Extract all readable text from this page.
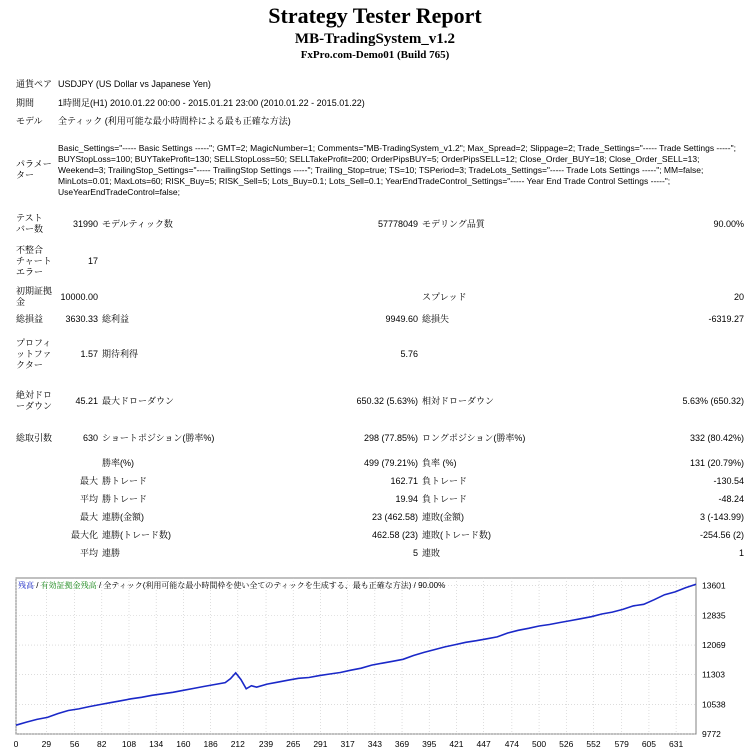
Strategy Tester Report
MB-TradingSystem_v1.2
FxPro.com-Demo01 (Build 765)
通貨ペア	USDJPY (US Dollar vs Japanese Yen)				
期間	1時間足(H1) 2010.01.22 00:00 - 2015.01.21 23:00 (2010.01.22 - 2015.01.22)				
モデル	全ティック (利用可能な最小時間枠による最も正確な方法)				
パラメーター	Basic_Settings="----- Basic Settings -----"; GMT=2; MagicNumber=1; Comments="MB-TradingSystem_v1.2"; Max_Spread=2; Slippage=2; Trade_Settings="----- Trade Settings -----"; BUYStopLoss=100; BUYTakeProfit=130; SELLStopLoss=50; SELLTakeProfit=200; OrderPipsBUY=5; OrderPipsSELL=12; Close_Order_BUY=18; Close_Order_SELL=13; Weekend=3; TrailingStop_Settings="----- TrailingStop Settings -----"; Trailing_Stop=true; TS=10; TSPeriod=3; TradeLots_Settings="----- Trade Lots Settings -----"; MM=false; MinLots=0.01; MaxLots=60; RISK_Buy=5; RISK_Sell=5; Lots_Buy=0.1; Lots_Sell=0.1; YearEndTradeControl_Settings="----- Year End Trade Control Settings -----"; UseYearEndTradeControl=false;				
テスト バー数	31990	モデルティック数	57778049	モデリング品質	90.00%
不整合 チャート エラー	17				
初期証拠金	10000.00			スプレッド	20
総損益	3630.33	総利益	9949.60	総損失	-6319.27
プロフィットファクター	1.57	期待利得	5.76		
絶対ドローダウン	45.21	最大ドローダウン	650.32 (5.63%)	相対ドローダウン	5.63% (650.32)
総取引数	630	ショートポジション(勝率%)	298 (77.85%)	ロングポジション(勝率%)	332 (80.42%)
		勝率(%)	499 (79.21%)	負率 (%)	131 (20.79%)
	最大	勝トレード	162.71	負トレード	-130.54
	平均	勝トレード	19.94	負トレード	-48.24
	最大	連勝(金額)	23 (462.58)	連敗(金額)	3 (-143.99)
	最大化	連勝(トレード数)	462.58 (23)	連敗(トレード数)	-254.56 (2)
	平均	連勝	5	連敗	1
0	29 56 82 108 134 160 186 212 239 265 291 317 343 369 395 421 447 474 500 526 552 579 605 631
9772
10538
11303
12069
12835
13601
残高 / 有効証拠金残高 / 全ティック(利用可能な最小時間枠を使い全てのティックを生成する、最も正確な方法) / 90.00%
